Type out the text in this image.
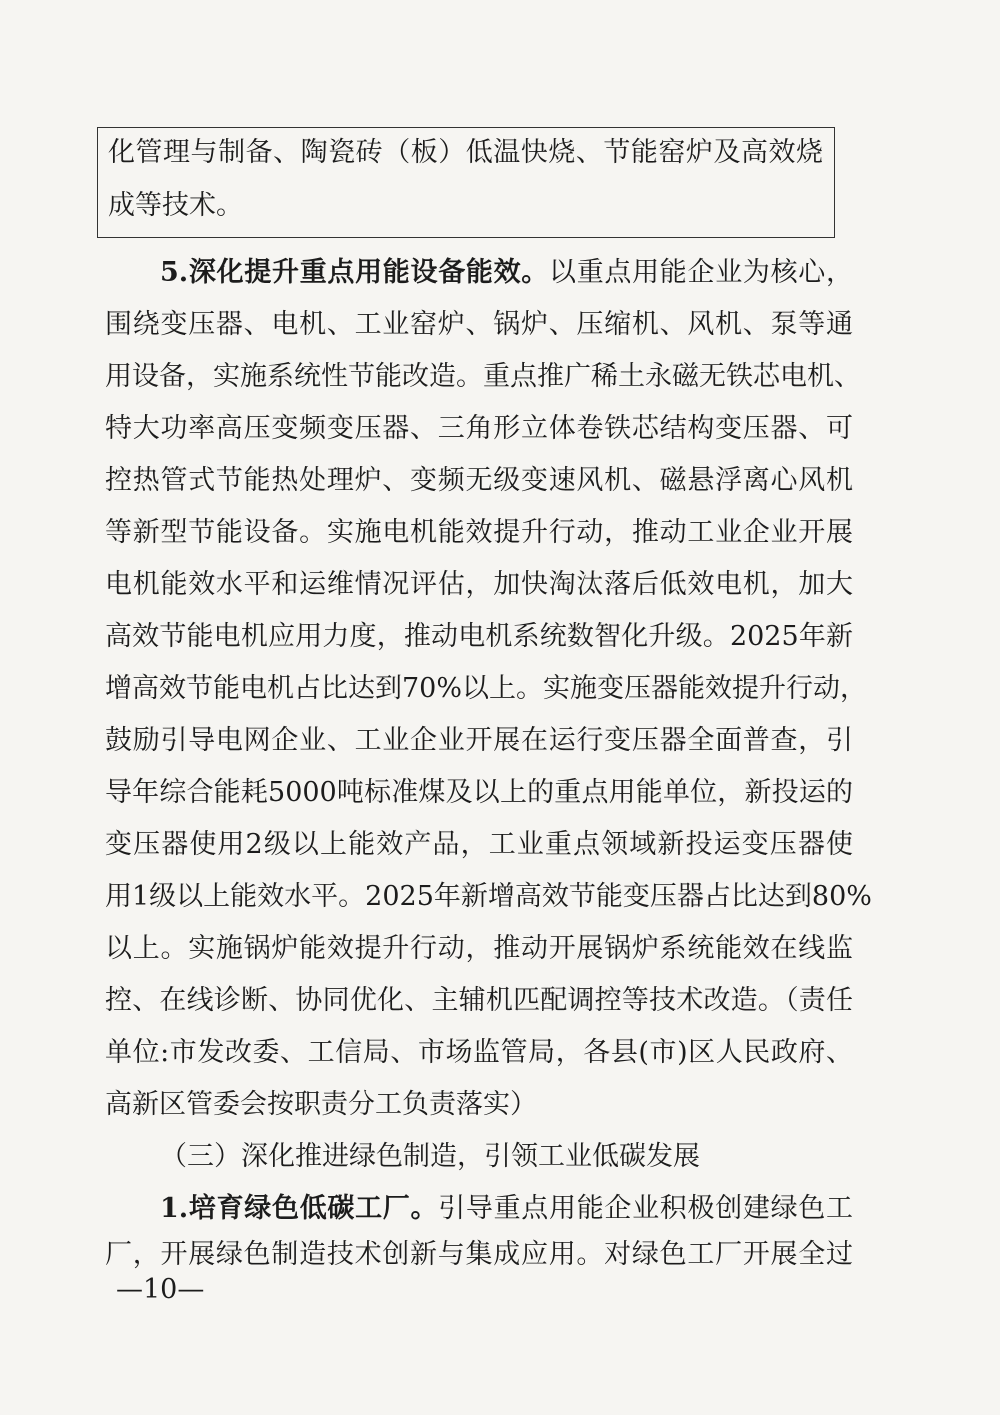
化管理与制备、陶瓷砖（板）低温快烧、节能窑炉及高效烧
成等技术。
5.深化提升重点用能设备能效。以重点用能企业为核心，
围绕变压器、电机、工业窑炉、锅炉、压缩机、风机、泵等通
用设备，实施系统性节能改造。重点推广稀土永磁无铁芯电机、
特大功率高压变频变压器、三角形立体卷铁芯结构变压器、可
控热管式节能热处理炉、变频无级变速风机、磁悬浮离心风机
等新型节能设备。实施电机能效提升行动，推动工业企业开展
电机能效水平和运维情况评估，加快淘汰落后低效电机，加大
高效节能电机应用力度，推动电机系统数智化升级。2025年新
增高效节能电机占比达到70%以上。实施变压器能效提升行动，
鼓励引导电网企业、工业企业开展在运行变压器全面普查，引
导年综合能耗5000吨标准煤及以上的重点用能单位，新投运的
变压器使用2级以上能效产品，工业重点领域新投运变压器使
用1级以上能效水平。2025年新增高效节能变压器占比达到80%
以上。实施锅炉能效提升行动，推动开展锅炉系统能效在线监
控、在线诊断、协同优化、主辅机匹配调控等技术改造。（责任
单位:市发改委、工信局、市场监管局，各县(市)区人民政府、
高新区管委会按职责分工负责落实）
（三）深化推进绿色制造，引领工业低碳发展
1.培育绿色低碳工厂。引导重点用能企业积极创建绿色工
厂，开展绿色制造技术创新与集成应用。对绿色工厂开展全过
—10—
